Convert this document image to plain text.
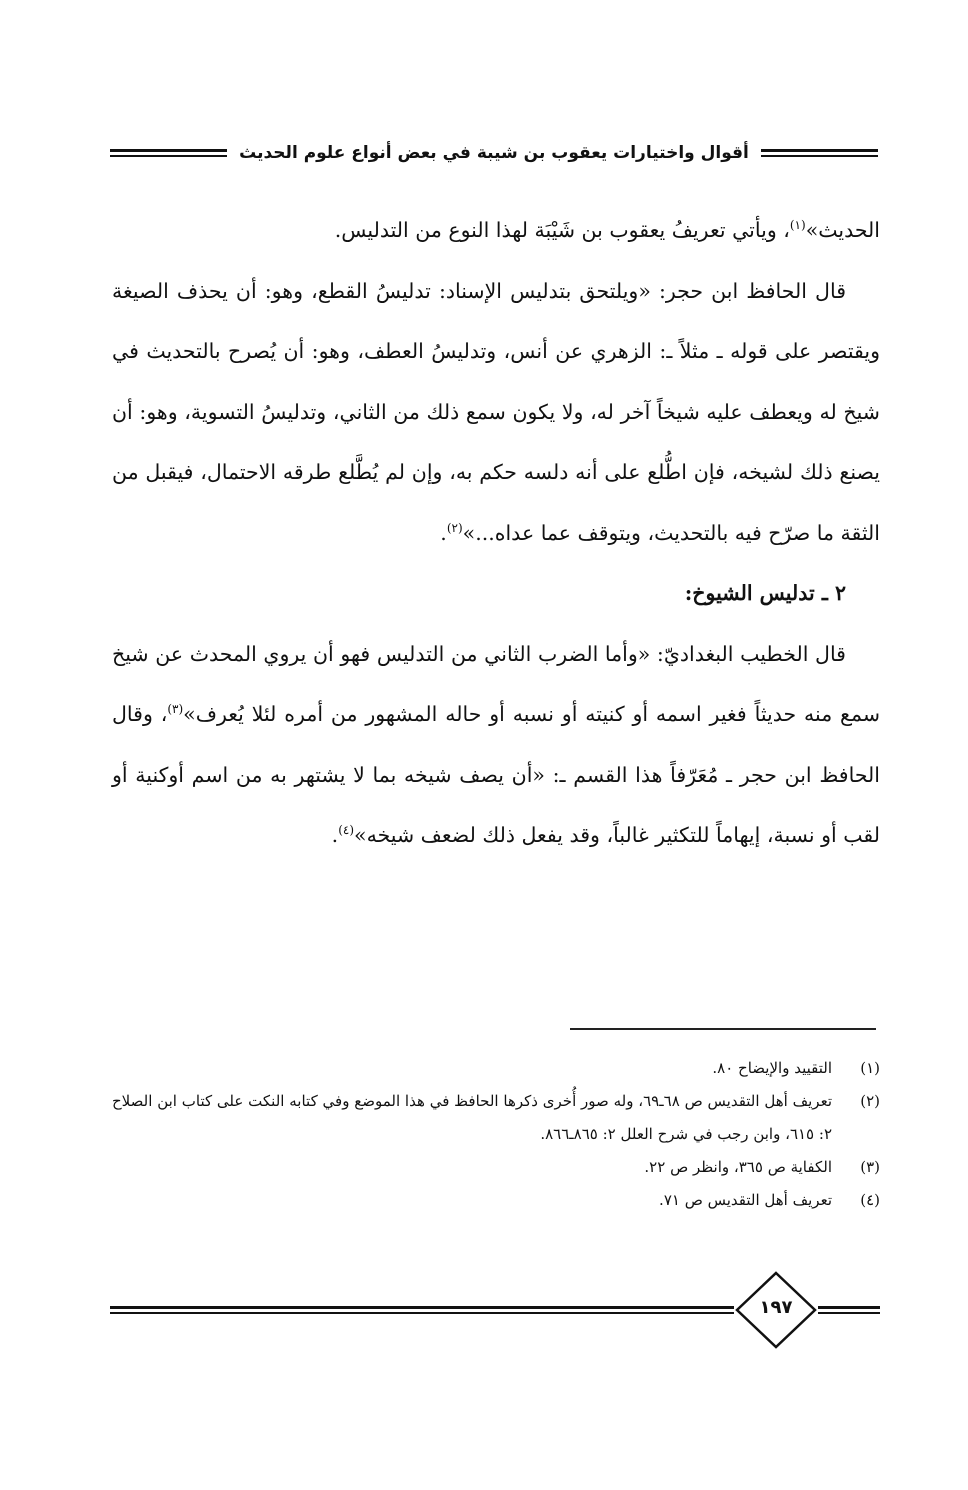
أقوال واختيارات يعقوب بن شيبة في بعض أنواع علوم الحديث

الحديث»$^{(١)}$، ويأتي تعريفُ يعقوب بن شَيْبَة لهذا النوع من التدليس.

قال الحافظ ابن حجر: «ويلتحق بتدليس الإسناد: تدليسُ القطع، وهو: أن يحذف الصيغة ويقتصر على قوله ـ مثلاً ـ: الزهري عن أنس، وتدليسُ العطف، وهو: أن يُصرح بالتحديث في شيخ له ويعطف عليه شيخاً آخر له، ولا يكون سمع ذلك من الثاني، وتدليسُ التسوية، وهو: أن يصنع ذلك لشيخه، فإن اطُّلع على أنه دلسه حكم به، وإن لم يُطَّلع طرقه الاحتمال، فيقبل من الثقة ما صرّح فيه بالتحديث، ويتوقف عما عداه...»$^{(٢)}$.

٢ ـ تدليس الشيوخ:

قال الخطيب البغداديّ: «وأما الضرب الثاني من التدليس فهو أن يروي المحدث عن شيخ سمع منه حديثاً فغير اسمه أو كنيته أو نسبه أو حاله المشهور من أمره لئلا يُعرف»$^{(٣)}$، وقال الحافظ ابن حجر ـ مُعَرّفاً هذا القسم ـ: «أن يصف شيخه بما لا يشتهر به من اسم أوكنية أو لقب أو نسبة، إيهاماً للتكثير غالباً، وقد يفعل ذلك لضعف شيخه»$^{(٤)}$.

(١)
التقييد والإيضاح ٨٠.
(٢)
تعريف أهل التقديس ص ٦٨ـ٦٩، وله صور أُخرى ذكرها الحافظ في هذا الموضع وفي كتابه النكت على كتاب ابن الصلاح ٢: ٦١٥، وابن رجب في شرح العلل ٢: ٨٦٥ـ٨٦٦.
(٣)
الكفاية ص ٣٦٥، وانظر ص ٢٢.
(٤)
تعريف أهل التقديس ص ٧١.
١٩٧
